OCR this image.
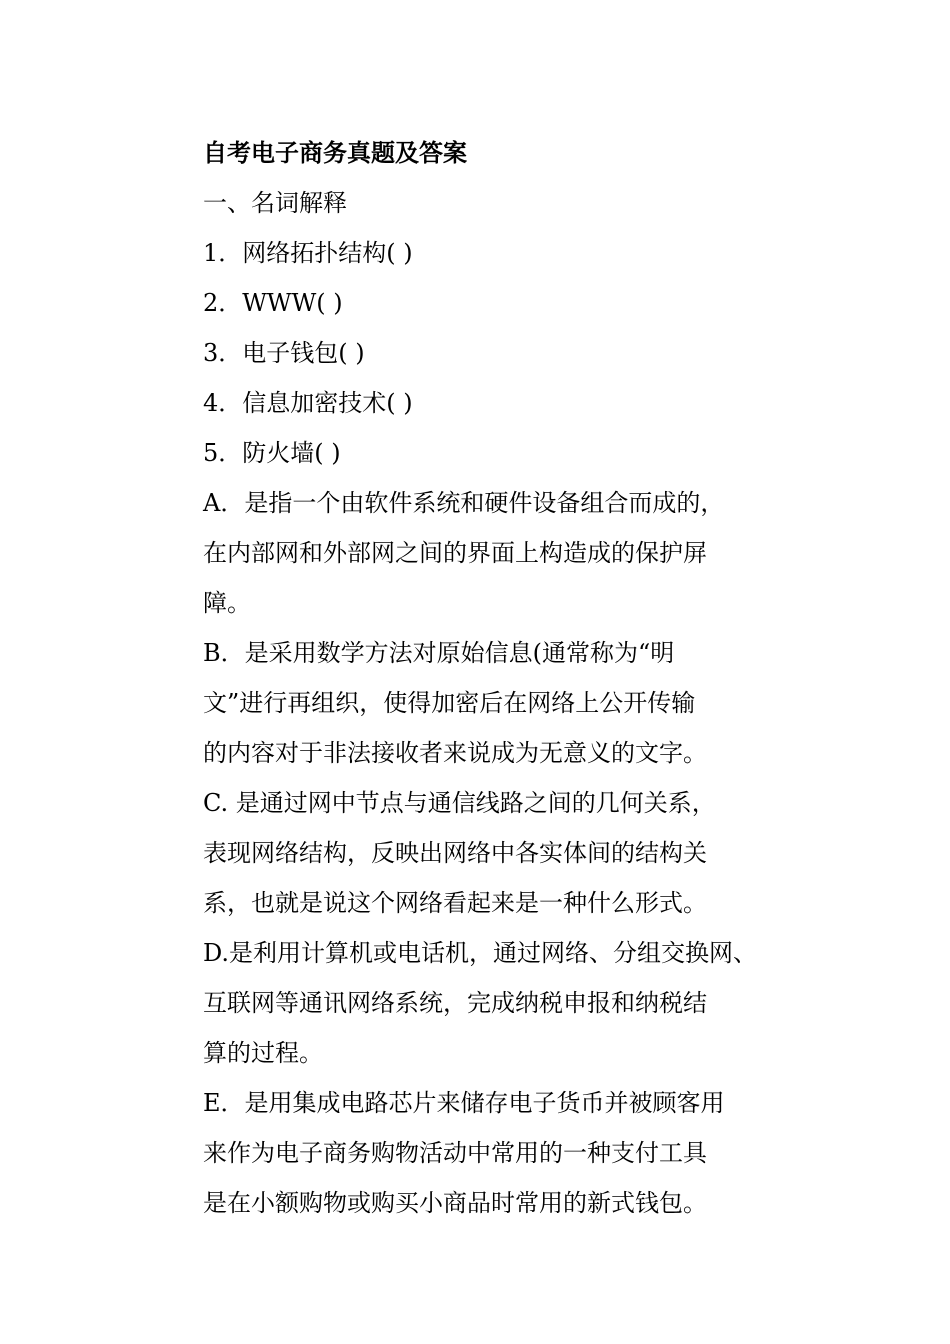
自考电子商务真题及答案
一、名词解释
1．网络拓扑结构( )
2．WWW( )
3．电子钱包( )
4．信息加密技术( )
5．防火墙( )
A．是指一个由软件系统和硬件设备组合而成的，
在内部网和外部网之间的界面上构造成的保护屏
障。
B．是采用数学方法对原始信息(通常称为“明
文”进行再组织，使得加密后在网络上公开传输
的内容对于非法接收者来说成为无意义的文字。
C. 是通过网中节点与通信线路之间的几何关系，
表现网络结构，反映出网络中各实体间的结构关
系，也就是说这个网络看起来是一种什么形式。
D.是利用计算机或电话机，通过网络、分组交换网、
互联网等通讯网络系统，完成纳税申报和纳税结
算的过程。
E．是用集成电路芯片来储存电子货币并被顾客用
来作为电子商务购物活动中常用的一种支付工具
是在小额购物或购买小商品时常用的新式钱包。
